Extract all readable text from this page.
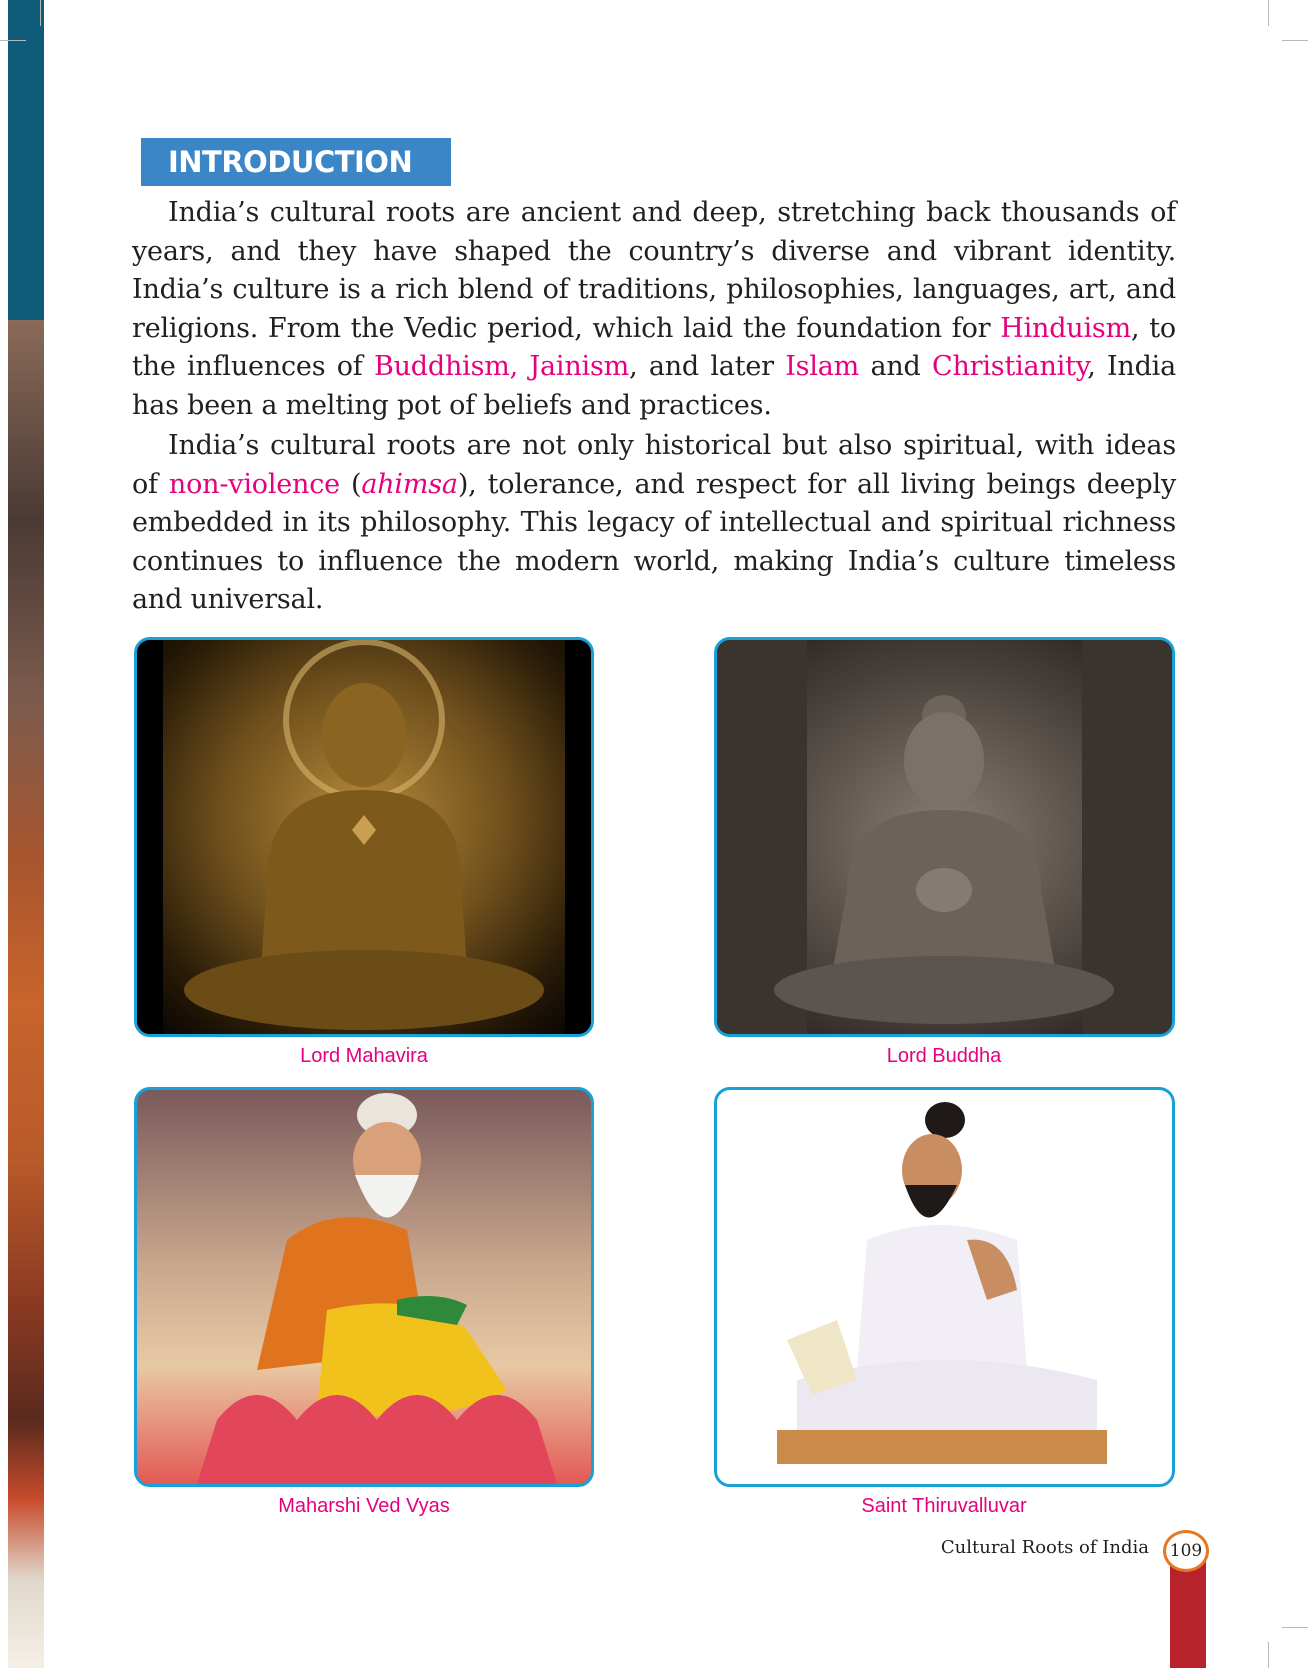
INTRODUCTION

India’s cultural roots are ancient and deep, stretching back thousands of years, and they have shaped the country’s diverse and vibrant identity. India’s culture is a rich blend of traditions, philosophies, languages, art, and religions. From the Vedic period, which laid the foundation for Hinduism, to the influences of Buddhism, Jainism, and later Islam and Christianity, India has been a melting pot of beliefs and practices.

India’s cultural roots are not only historical but also spiritual, with ideas of non-violence (ahimsa), tolerance, and respect for all living beings deeply embedded in its philosophy. This legacy of intellectual and spiritual richness continues to influence the modern world, making India’s culture timeless and universal.

Lord Mahavira	Lord Buddha
Maharshi Ved Vyas	Saint Thiruvalluvar
Cultural Roots of India	109
